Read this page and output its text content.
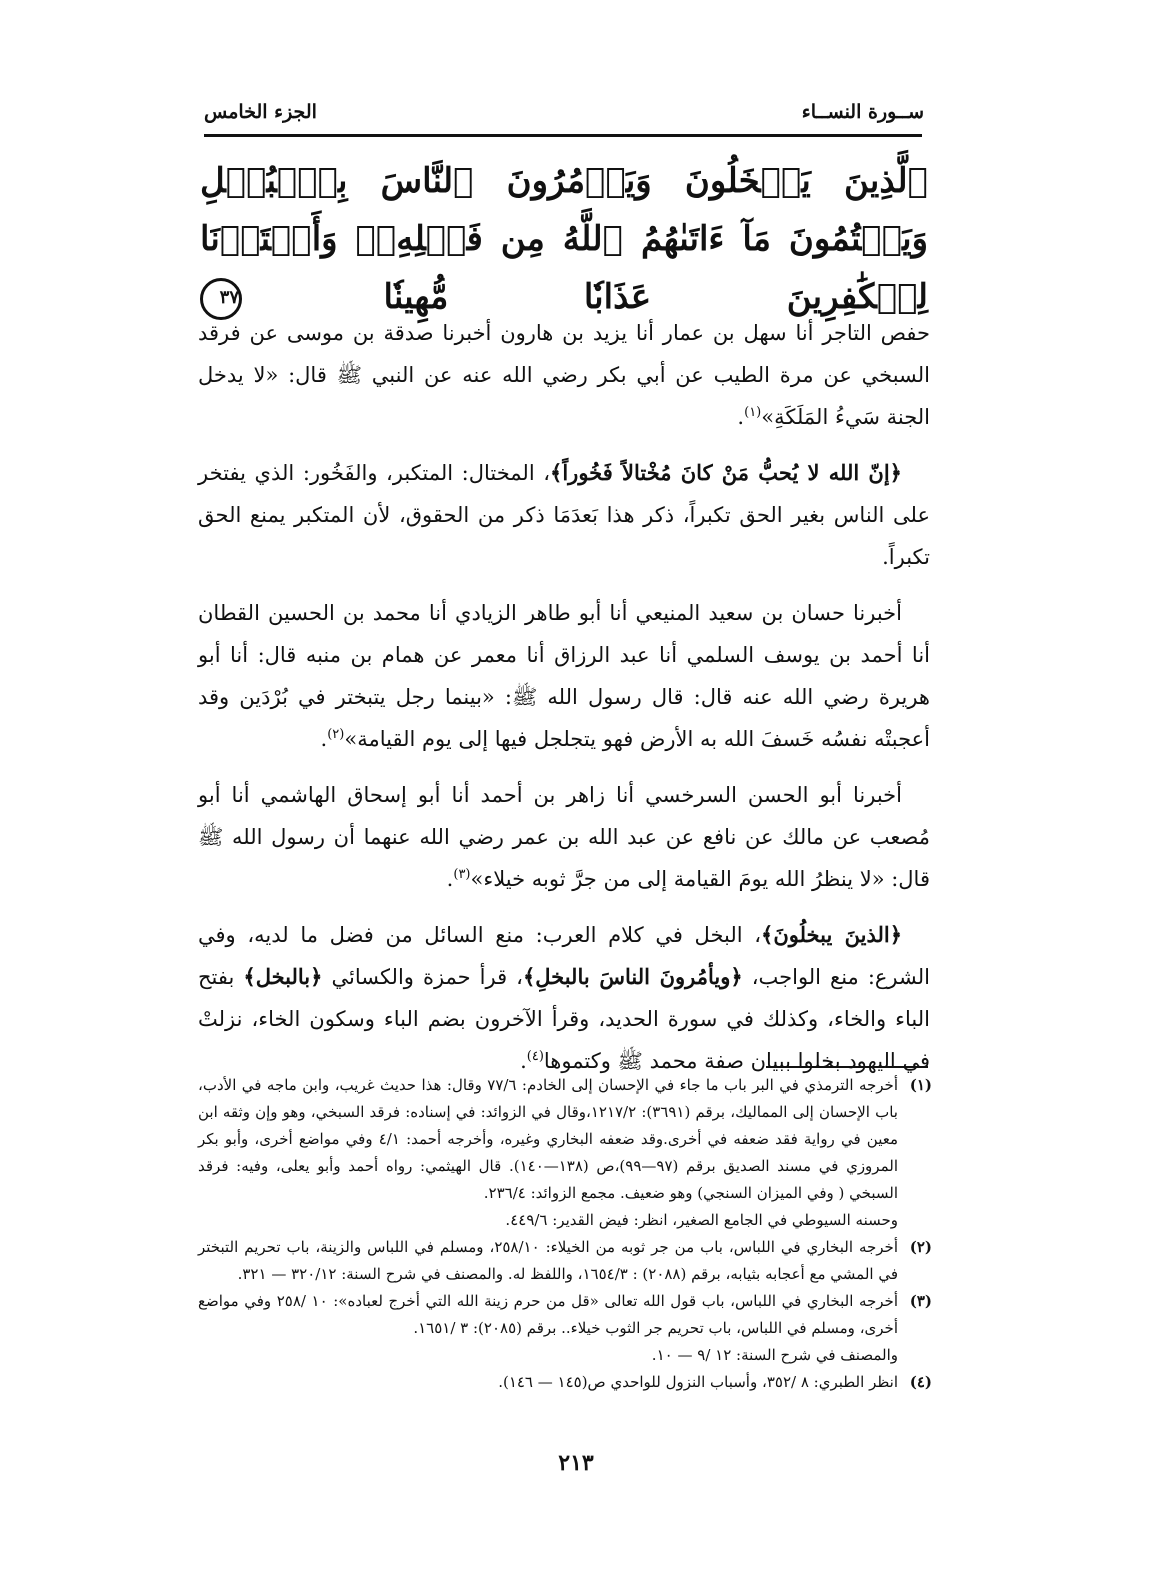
ســورة النســاء
الجزء الخامس
ٱلَّذِينَ يَبۡخَلُونَ وَيَأۡمُرُونَ ٱلنَّاسَ بِٱلۡبُخۡلِ وَيَكۡتُمُونَ مَآ ءَاتَىٰهُمُ ٱللَّهُ مِن فَضۡلِهِۦۗ وَأَعۡتَدۡنَا لِلۡكَٰفِرِينَ عَذَابٗا مُّهِينٗا ٣٧

حفص التاجر أنا سهل بن عمار أنا يزيد بن هارون أخبرنا صدقة بن موسى عن فرقد السبخي عن مرة الطيب عن أبي بكر رضي الله عنه عن النبي ﷺ قال: «لا يدخل الجنة سَيءُ المَلَكَةِ»$^{(١)}$.

﴿إنّ الله لا يُحبُّ مَنْ كانَ مُخْتالاً فَخُوراً﴾، المختال: المتكبر، والفَخُور: الذي يفتخر على الناس بغير الحق تكبراً، ذكر هذا بَعدَمَا ذكر من الحقوق، لأن المتكبر يمنع الحق تكبراً.

أخبرنا حسان بن سعيد المنيعي أنا أبو طاهر الزيادي أنا محمد بن الحسين القطان أنا أحمد بن يوسف السلمي أنا عبد الرزاق أنا معمر عن همام بن منبه قال: أنا أبو هريرة رضي الله عنه قال: قال رسول الله ﷺ: «بينما رجل يتبختر في بُرْدَين وقد أعجبتْه نفسُه خَسفَ الله به الأرض فهو يتجلجل فيها إلى يوم القيامة»$^{(٢)}$.

أخبرنا أبو الحسن السرخسي أنا زاهر بن أحمد أنا أبو إسحاق الهاشمي أنا أبو مُصعب عن مالك عن نافع عن عبد الله بن عمر رضي الله عنهما أن رسول الله ﷺ قال: «لا ينظرُ الله يومَ القيامة إلى من جرَّ ثوبه خيلاء»$^{(٣)}$.

﴿الذينَ يبخلُونَ﴾، البخل في كلام العرب: منع السائل من فضل ما لديه، وفي الشرع: منع الواجب، ﴿ويأمُرونَ الناسَ بالبخلِ﴾، قرأ حمزة والكسائي ﴿بالبخل﴾ بفتح الباء والخاء، وكذلك في سورة الحديد، وقرأ الآخرون بضم الباء وسكون الخاء، نزلتْ في اليهود بخلوا ببيان صفة محمد ﷺ وكتموها$^{(٤)}$.

(١)
أخرجه الترمذي في البر باب ما جاء في الإحسان إلى الخادم: ٧٧/٦ وقال: هذا حديث غريب، وابن ماجه في الأدب، باب الإحسان إلى المماليك، برقم (٣٦٩١): ١٢١٧/٢،وقال في الزوائد: في إسناده: فرقد السبخي، وهو وإن وثقه ابن معين في رواية فقد ضعفه في أخرى.وقد ضعفه البخاري وغيره، وأخرجه أحمد: ٤/١ وفي مواضع أخرى، وأبو بكر المروزي في مسند الصديق برقم (٩٧—٩٩)،ص (١٣٨—١٤٠). قال الهيثمي: رواه أحمد وأبو يعلى، وفيه: فرقد السبخي ( وفي الميزان السنجي) وهو ضعيف. مجمع الزوائد: ٢٣٦/٤.
وحسنه السيوطي في الجامع الصغير، انظر: فيض القدير: ٤٤٩/٦.
(٢)
أخرجه البخاري في اللباس، باب من جر ثوبه من الخيلاء: ٢٥٨/١٠، ومسلم في اللباس والزينة، باب تحريم التبختر في المشي مع أعجابه بثيابه، برقم (٢٠٨٨) : ١٦٥٤/٣، واللفظ له. والمصنف في شرح السنة: ٣٢٠/١٢ — ٣٢١.
(٣)
أخرجه البخاري في اللباس، باب قول الله تعالى «قل من حرم زينة الله التي أخرج لعباده»: ١٠ /٢٥٨ وفي مواضع أخرى، ومسلم في اللباس، باب تحريم جر الثوب خيلاء.. برقم (٢٠٨٥): ٣ /١٦٥١.
والمصنف في شرح السنة: ١٢ /٩ — ١٠.
(٤)
انظر الطبري: ٨ /٣٥٢، وأسباب النزول للواحدي ص(١٤٥ — ١٤٦).
٢١٣
